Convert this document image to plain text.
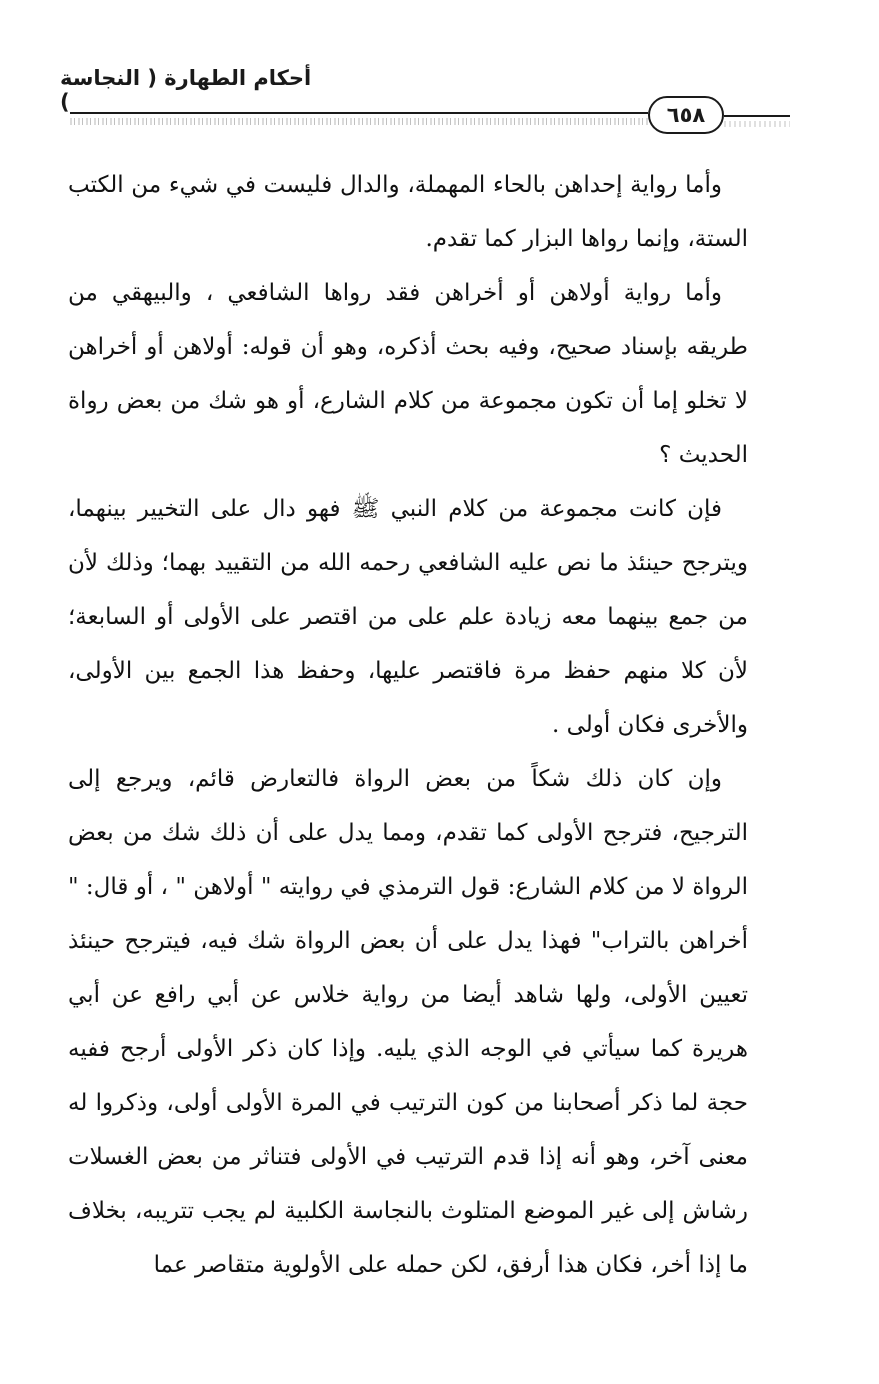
أحكام الطهارة ( النجاسة )
٦٥٨

وأما رواية إحداهن بالحاء المهملة، والدال فليست في شيء من الكتب الستة، وإنما رواها البزار كما تقدم.

وأما رواية أولاهن أو أخراهن فقد رواها الشافعي ، والبيهقي من طريقه بإسناد صحيح، وفيه بحث أذكره، وهو أن قوله: أولاهن أو أخراهن لا تخلو إما أن تكون مجموعة من كلام الشارع، أو هو شك من بعض رواة الحديث ؟

فإن كانت مجموعة من كلام النبي ﷺ فهو دال على التخيير بينهما، ويترجح حينئذ ما نص عليه الشافعي رحمه الله من التقييد بهما؛ وذلك لأن من جمع بينهما معه زيادة علم على من اقتصر على الأولى أو السابعة؛ لأن كلا منهم حفظ مرة فاقتصر عليها، وحفظ هذا الجمع بين الأولى، والأخرى فكان أولى .

وإن كان ذلك شكاً من بعض الرواة فالتعارض قائم، ويرجع إلى الترجيح، فترجح الأولى كما تقدم، ومما يدل على أن ذلك شك من بعض الرواة لا من كلام الشارع: قول الترمذي في روايته " أولاهن " ، أو قال: " أخراهن بالتراب" فهذا يدل على أن بعض الرواة شك فيه، فيترجح حينئذ تعيين الأولى، ولها شاهد أيضا من رواية خلاس عن أبي رافع عن أبي هريرة كما سيأتي في الوجه الذي يليه. وإذا كان ذكر الأولى أرجح ففيه حجة لما ذكر أصحابنا من كون الترتيب في المرة الأولى أولى، وذكروا له معنى آخر، وهو أنه إذا قدم الترتيب في الأولى فتناثر من بعض الغسلات رشاش إلى غير الموضع المتلوث بالنجاسة الكلبية لم يجب تتريبه، بخلاف ما إذا أخر، فكان هذا أرفق، لكن حمله على الأولوية متقاصر عما
